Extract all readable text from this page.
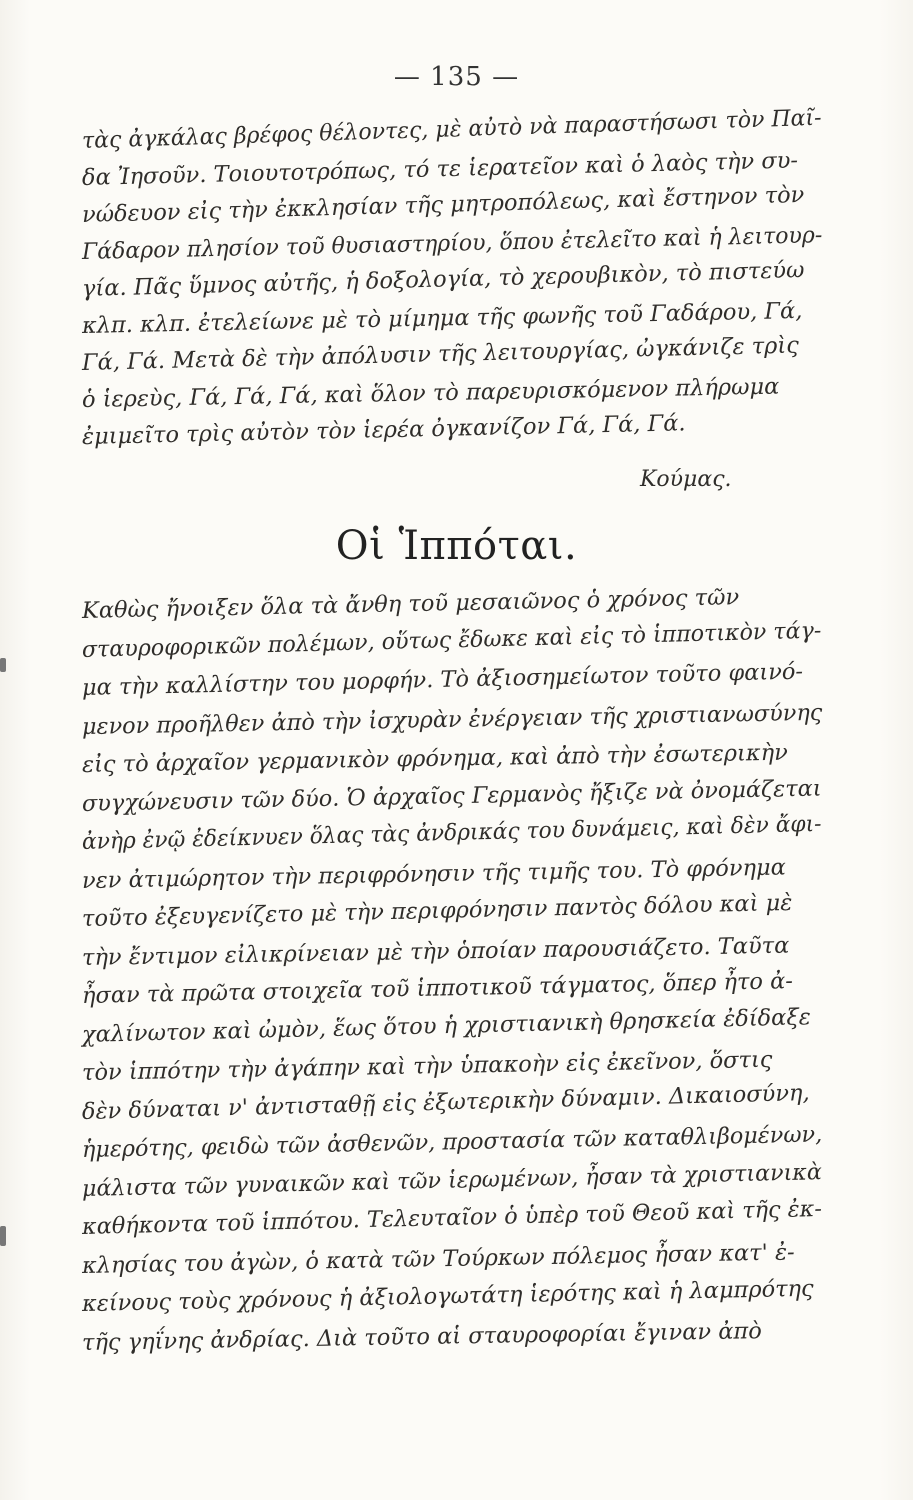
— 135 —
τὰς ἀγκάλας βρέφος θέλοντες, μὲ αὐτὸ νὰ παραστήσωσι τὸν Παῖ-
δα Ἰησοῦν. Τοιουτοτρόπως, τό τε ἱερατεῖον καὶ ὁ λαὸς τὴν συ-
νώδευον εἰς τὴν ἐκκλησίαν τῆς μητροπόλεως, καὶ ἔστηνον τὸν
Γάδαρον πλησίον τοῦ θυσιαστηρίου, ὅπου ἐτελεῖτο καὶ ἡ λειτουρ-
γία. Πᾶς ὕμνος αὐτῆς, ἡ δοξολογία, τὸ χερουβικὸν, τὸ πιστεύω
κλπ. κλπ. ἐτελείωνε μὲ τὸ μίμημα τῆς φωνῆς τοῦ Γαδάρου, Γά,
Γά, Γά. Μετὰ δὲ τὴν ἀπόλυσιν τῆς λειτουργίας, ὠγκάνιζε τρὶς
ὁ ἱερεὺς, Γά, Γά, Γά, καὶ ὅλον τὸ παρευρισκόμενον πλήρωμα
ἐμιμεῖτο τρὶς αὐτὸν τὸν ἱερέα ὀγκανίζον Γά, Γά, Γά.
Κούμας.
Οἱ Ἱππόται.
Καθὼς ἤνοιξεν ὅλα τὰ ἄνθη τοῦ μεσαιῶνος ὁ χρόνος τῶν
σταυροφορικῶν πολέμων, οὕτως ἔδωκε καὶ εἰς τὸ ἱπποτικὸν τάγ-
μα τὴν καλλίστην του μορφήν. Τὸ ἀξιοσημείωτον τοῦτο φαινό-
μενον προῆλθεν ἀπὸ τὴν ἰσχυρὰν ἐνέργειαν τῆς χριστιανωσύνης
εἰς τὸ ἀρχαῖον γερμανικὸν φρόνημα, καὶ ἀπὸ τὴν ἐσωτερικὴν
συγχώνευσιν τῶν δύο. Ὁ ἀρχαῖος Γερμανὸς ἤξιζε νὰ ὀνομάζεται
ἀνὴρ ἐνῷ ἐδείκνυεν ὅλας τὰς ἀνδρικάς του δυνάμεις, καὶ δὲν ἄφι-
νεν ἀτιμώρητον τὴν περιφρόνησιν τῆς τιμῆς του. Τὸ φρόνημα
τοῦτο ἐξευγενίζετο μὲ τὴν περιφρόνησιν παντὸς δόλου καὶ μὲ
τὴν ἔντιμον εἰλικρίνειαν μὲ τὴν ὁποίαν παρουσιάζετο. Ταῦτα
ἦσαν τὰ πρῶτα στοιχεῖα τοῦ ἱπποτικοῦ τάγματος, ὅπερ ἦτο ἀ-
χαλίνωτον καὶ ὠμὸν, ἕως ὅτου ἡ χριστιανικὴ θρησκεία ἐδίδαξε
τὸν ἱππότην τὴν ἀγάπην καὶ τὴν ὑπακοὴν εἰς ἐκεῖνον, ὅστις
δὲν δύναται ν' ἀντισταθῇ εἰς ἐξωτερικὴν δύναμιν. Δικαιοσύνη,
ἡμερότης, φειδὼ τῶν ἀσθενῶν, προστασία τῶν καταθλιβομένων,
μάλιστα τῶν γυναικῶν καὶ τῶν ἱερωμένων, ἦσαν τὰ χριστιανικὰ
καθήκοντα τοῦ ἱππότου. Τελευταῖον ὁ ὑπὲρ τοῦ Θεοῦ καὶ τῆς ἐκ-
κλησίας του ἀγὼν, ὁ κατὰ τῶν Τούρκων πόλεμος ἦσαν κατ' ἐ-
κείνους τοὺς χρόνους ἡ ἀξιολογωτάτη ἱερότης καὶ ἡ λαμπρότης
τῆς γηΐνης ἀνδρίας. Διὰ τοῦτο αἱ σταυροφορίαι ἔγιναν ἀπὸ
